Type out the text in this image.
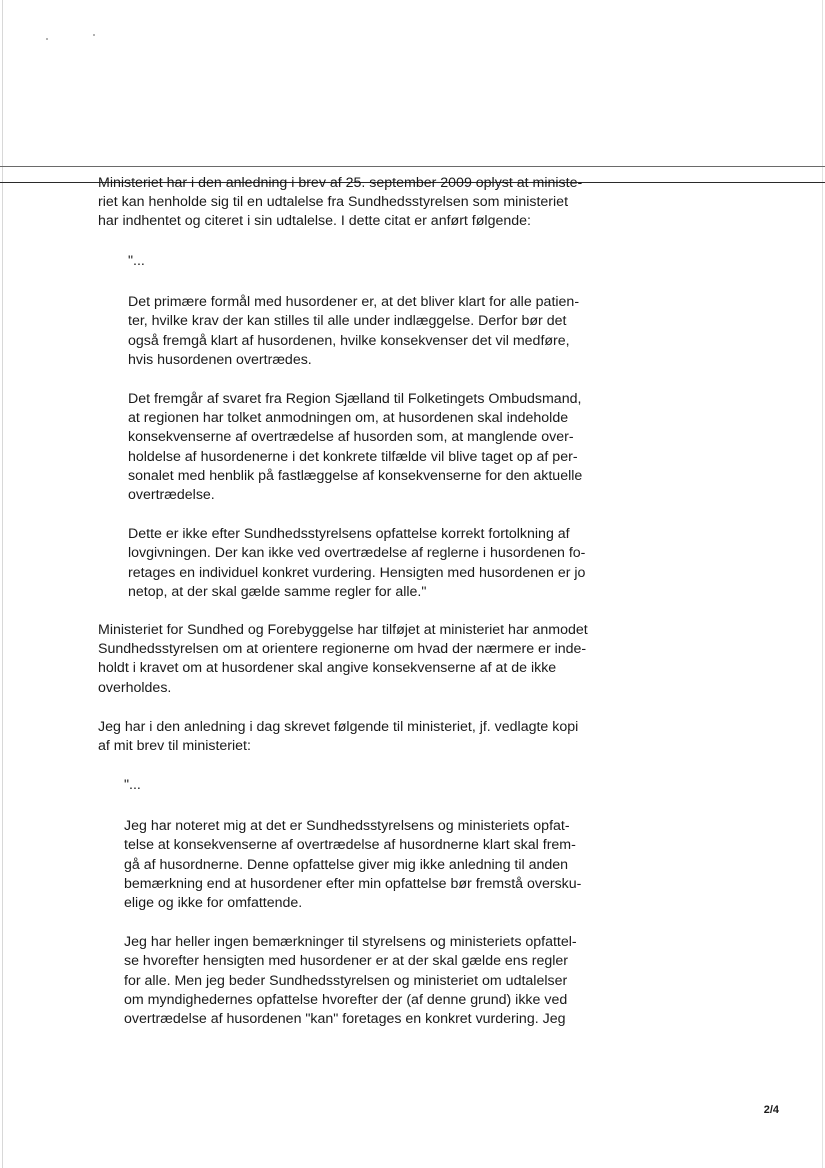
Ministeriet har i den anledning i brev af 25. september 2009 oplyst at ministe-
riet kan henholde sig til en udtalelse fra Sundhedsstyrelsen som ministeriet
har indhentet og citeret i sin udtalelse. I dette citat er anført følgende:
"...
Det primære formål med husordener er, at det bliver klart for alle patien-
ter, hvilke krav der kan stilles til alle under indlæggelse. Derfor bør det
også fremgå klart af husordenen, hvilke konsekvenser det vil medføre,
hvis husordenen overtrædes.
Det fremgår af svaret fra Region Sjælland til Folketingets Ombudsmand,
at regionen har tolket anmodningen om, at husordenen skal indeholde
konsekvenserne af overtrædelse af husorden som, at manglende over-
holdelse af husordenerne i det konkrete tilfælde vil blive taget op af per-
sonalet med henblik på fastlæggelse af konsekvenserne for den aktuelle
overtrædelse.
Dette er ikke efter Sundhedsstyrelsens opfattelse korrekt fortolkning af
lovgivningen. Der kan ikke ved overtrædelse af reglerne i husordenen fo-
retages en individuel konkret vurdering. Hensigten med husordenen er jo
netop, at der skal gælde samme regler for alle."
Ministeriet for Sundhed og Forebyggelse har tilføjet at ministeriet har anmodet
Sundhedsstyrelsen om at orientere regionerne om hvad der nærmere er inde-
holdt i kravet om at husordener skal angive konsekvenserne af at de ikke
overholdes.
Jeg har i den anledning i dag skrevet følgende til ministeriet, jf. vedlagte kopi
af mit brev til ministeriet:
"...
Jeg har noteret mig at det er Sundhedsstyrelsens og ministeriets opfat-
telse at konsekvenserne af overtrædelse af husordnerne klart skal frem-
gå af husordnerne. Denne opfattelse giver mig ikke anledning til anden
bemærkning end at husordener efter min opfattelse bør fremstå oversku-
elige og ikke for omfattende.
Jeg har heller ingen bemærkninger til styrelsens og ministeriets opfattel-
se hvorefter hensigten med husordener er at der skal gælde ens regler
for alle. Men jeg beder Sundhedsstyrelsen og ministeriet om udtalelser
om myndighedernes opfattelse hvorefter der (af denne grund) ikke ved
overtrædelse af husordenen "kan" foretages en konkret vurdering. Jeg
2/4
